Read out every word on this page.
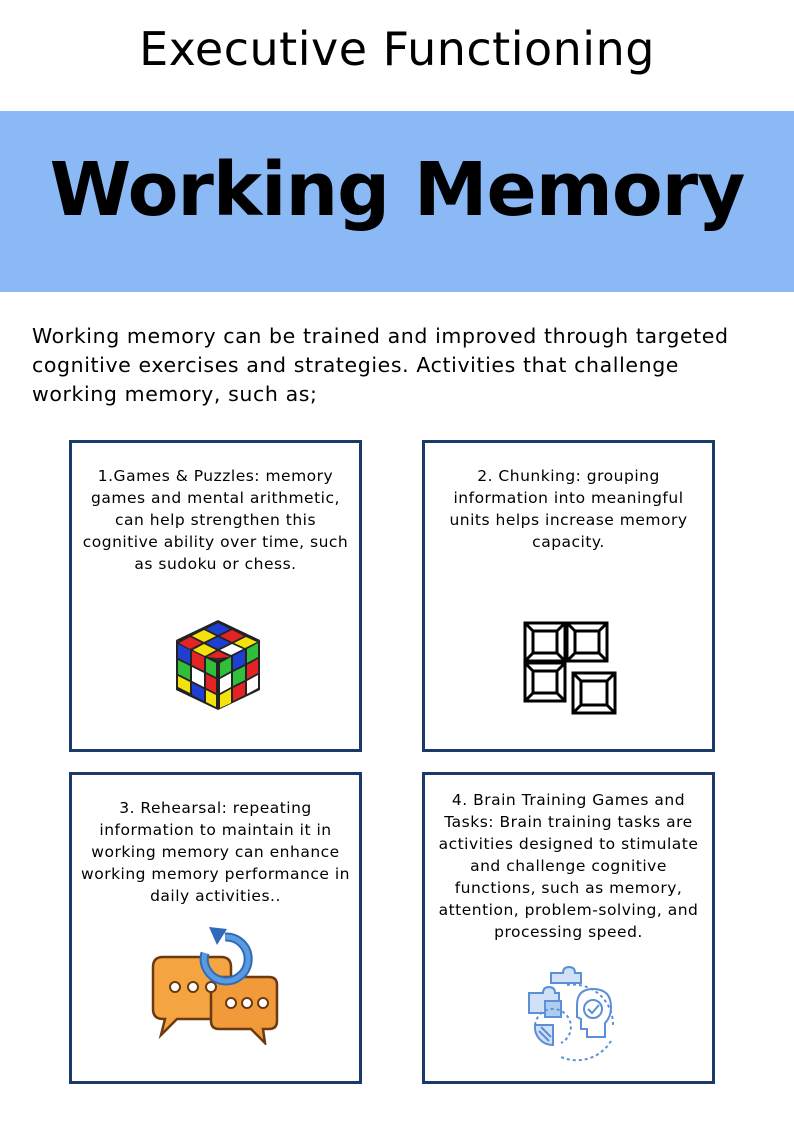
Executive Functioning
Working Memory

Working memory can be trained and improved through targeted cognitive exercises and strategies. Activities that challenge working memory, such as;

1.Games & Puzzles: memory games and mental arithmetic, can help strengthen this cognitive ability over time, such as sudoku or chess.

2. Chunking: grouping information into meaningful units helps increase memory capacity.

3. Rehearsal: repeating information to maintain it in working memory can enhance working memory performance in daily activities..

4. Brain Training Games and Tasks: Brain training tasks are activities designed to stimulate and challenge cognitive functions, such as memory, attention, problem-solving, and processing speed.
